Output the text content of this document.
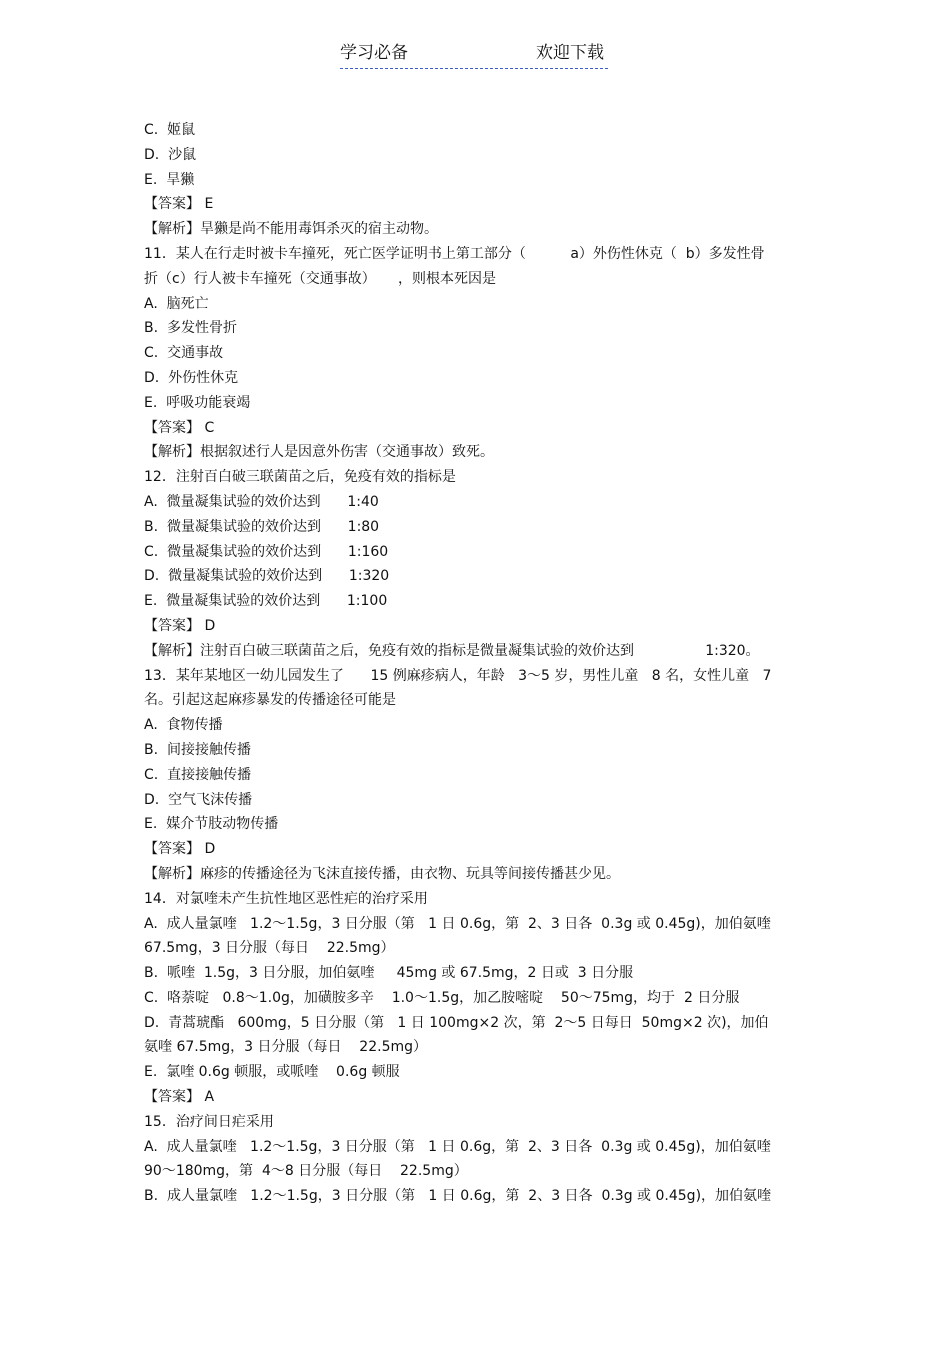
学习必备	欢迎下载

C.  姬鼠

D.  沙鼠

E.  旱獭

【答案】 E

【解析】旱獭是尚不能用毒饵杀灭的宿主动物。

11．某人在行走时被卡车撞死，死亡医学证明书上第工部分（          a）外伤性休克（  b）多发性骨

折（c）行人被卡车撞死（交通事故）     ，则根本死因是

A.  脑死亡

B.  多发性骨折

C.  交通事故

D.  外伤性休克

E.  呼吸功能衰竭

【答案】 C

【解析】根据叙述行人是因意外伤害（交通事故）致死。

12．注射百白破三联菌苗之后，免疫有效的指标是

A.  微量凝集试验的效价达到      1:40

B.  微量凝集试验的效价达到      1:80

C.  微量凝集试验的效价达到      1:160

D.  微量凝集试验的效价达到      1:320

E.  微量凝集试验的效价达到      1:100

【答案】 D

【解析】注射百白破三联菌苗之后，免疫有效的指标是微量凝集试验的效价达到                1:320。

13．某年某地区一幼儿园发生了      15 例麻疹病人，年龄   3～5 岁，男性儿童   8 名，女性儿童   7

名。引起这起麻疹暴发的传播途径可能是

A.  食物传播

B.  间接接触传播

C.  直接接触传播

D.  空气飞沫传播

E.  媒介节肢动物传播

【答案】 D

【解析】麻疹的传播途径为飞沫直接传播，由衣物、玩具等间接传播甚少见。

14．对氯喹未产生抗性地区恶性疟的治疗采用

A.  成人量氯喹   1.2～1.5g，3 日分服（第   1 日 0.6g，第  2、3 日各  0.3g 或 0.45g)，加伯氨喹

67.5mg，3 日分服（每日    22.5mg）

B.  哌喹  1.5g，3 日分服，加伯氨喹     45mg 或 67.5mg，2 日或  3 日分服

C.  咯萘啶   0.8～1.0g，加磺胺多辛    1.0～1.5g，加乙胺嘧啶    50～75mg，均于  2 日分服

D.  青蒿琥酯   600mg，5 日分服（第   1 日 100mg×2 次，第  2～5 日每日  50mg×2 次)，加伯

氨喹 67.5mg，3 日分服（每日    22.5mg）

E.  氯喹 0.6g 顿服，或哌喹    0.6g 顿服

【答案】 A

15．治疗间日疟采用

A.  成人量氯喹   1.2～1.5g，3 日分服（第   1 日 0.6g，第  2、3 日各  0.3g 或 0.45g)，加伯氨喹

90～180mg，第  4～8 日分服（每日    22.5mg）

B.  成人量氯喹   1.2～1.5g，3 日分服（第   1 日 0.6g，第  2、3 日各  0.3g 或 0.45g)，加伯氨喹
